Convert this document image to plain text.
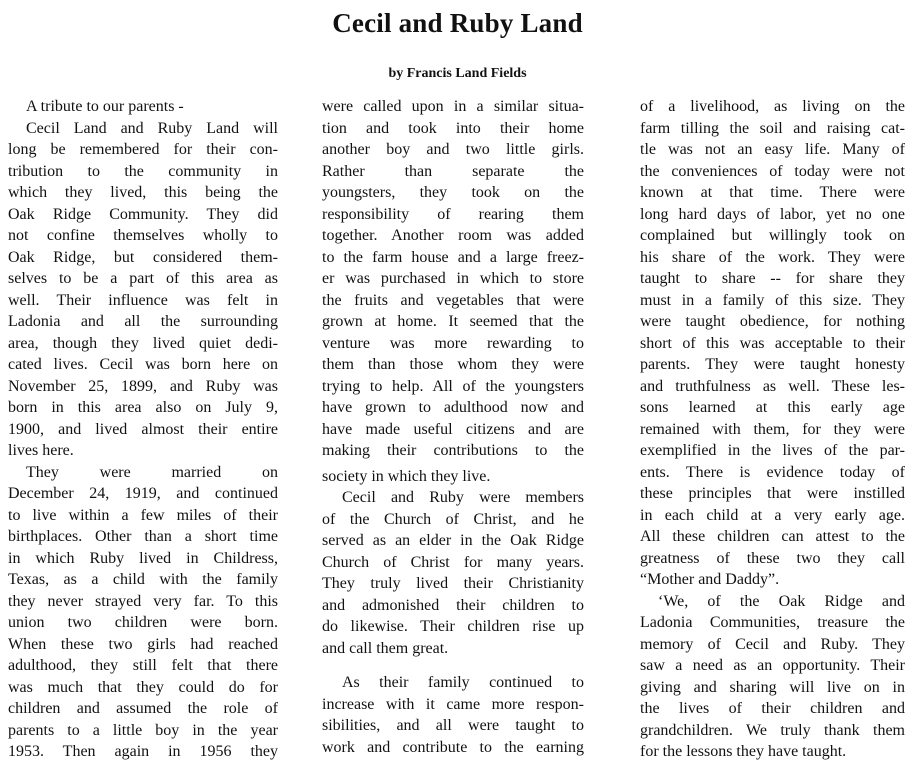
Cecil and Ruby Land
by Francis Land Fields
A tribute to our parents -
Cecil Land and Ruby Land will
long be remembered for their con-
tribution to the community in
which they lived, this being the
Oak Ridge Community. They did
not confine themselves wholly to
Oak Ridge, but considered them-
selves to be a part of this area as
well. Their influence was felt in
Ladonia and all the surrounding
area, though they lived quiet dedi-
cated lives. Cecil was born here on
November 25, 1899, and Ruby was
born in this area also on July 9,
1900, and lived almost their entire
lives here.
They were married on
December 24, 1919, and continued
to live within a few miles of their
birthplaces. Other than a short time
in which Ruby lived in Childress,
Texas, as a child with the family
they never strayed very far. To this
union two children were born.
When these two girls had reached
adulthood, they still felt that there
was much that they could do for
children and assumed the role of
parents to a little boy in the year
1953. Then again in 1956 they
were called upon in a similar situa-
tion and took into their home
another boy and two little girls.
Rather than separate the
youngsters, they took on the
responsibility of rearing them
together. Another room was added
to the farm house and a large freez-
er was purchased in which to store
the fruits and vegetables that were
grown at home. It seemed that the
venture was more rewarding to
them than those whom they were
trying to help. All of the youngsters
have grown to adulthood now and
have made useful citizens and are
making their contributions to the
society in which they live.
Cecil and Ruby were members
of the Church of Christ, and he
served as an elder in the Oak Ridge
Church of Christ for many years.
They truly lived their Christianity
and admonished their children to
do likewise. Their children rise up
and call them great.
As their family continued to
increase with it came more respon-
sibilities, and all were taught to
work and contribute to the earning
of a livelihood, as living on the
farm tilling the soil and raising cat-
tle was not an easy life. Many of
the conveniences of today were not
known at that time. There were
long hard days of labor, yet no one
complained but willingly took on
his share of the work. They were
taught to share -- for share they
must in a family of this size. They
were taught obedience, for nothing
short of this was acceptable to their
parents. They were taught honesty
and truthfulness as well. These les-
sons learned at this early age
remained with them, for they were
exemplified in the lives of the par-
ents. There is evidence today of
these principles that were instilled
in each child at a very early age.
All these children can attest to the
greatness of these two they call
“Mother and Daddy”.
‘We, of the Oak Ridge and
Ladonia Communities, treasure the
memory of Cecil and Ruby. They
saw a need as an opportunity. Their
giving and sharing will live on in
the lives of their children and
grandchildren. We truly thank them
for the lessons they have taught.
